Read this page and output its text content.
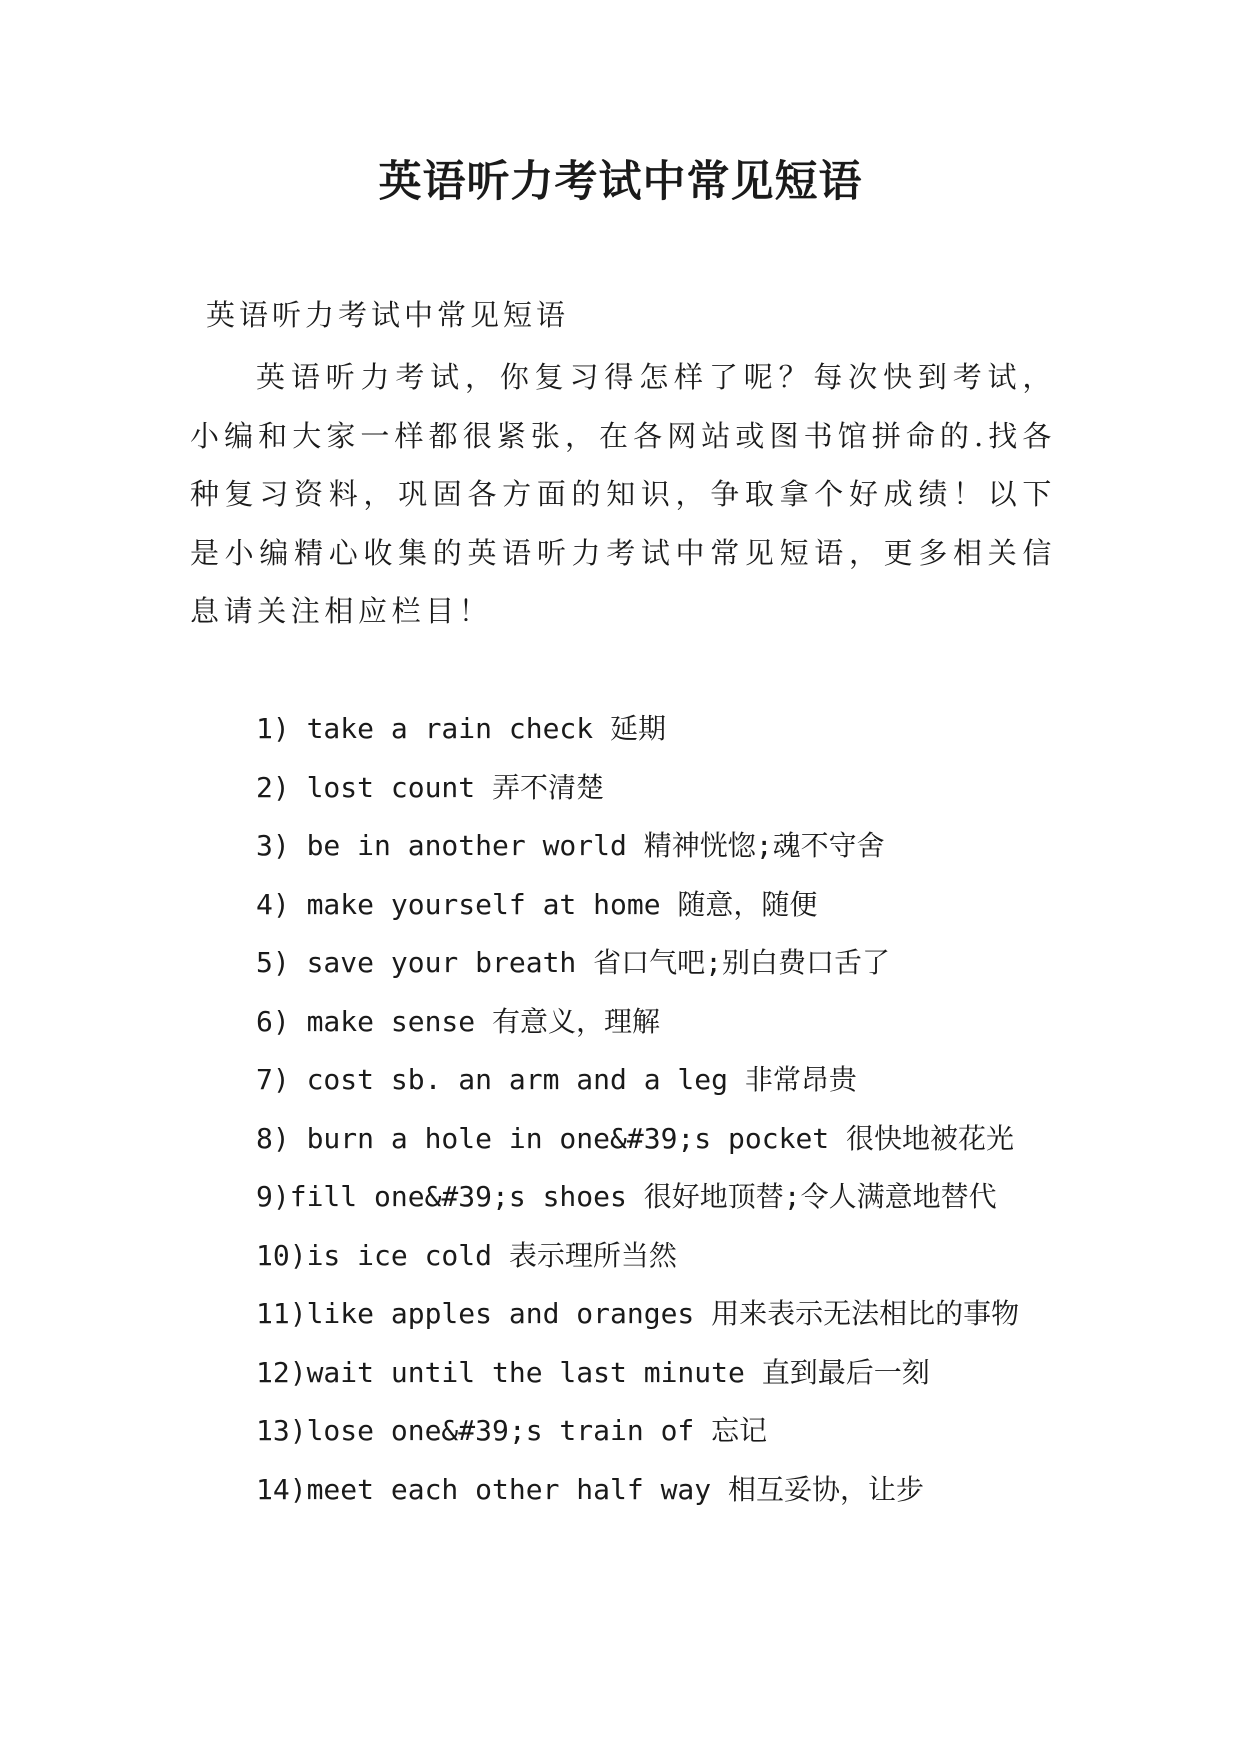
英语听力考试中常见短语

英语听力考试中常见短语

英语听力考试，你复习得怎样了呢？每次快到考试，小编和大家一样都很紧张，在各网站或图书馆拼命的.找各种复习资料，巩固各方面的知识，争取拿个好成绩！以下是小编精心收集的英语听力考试中常见短语，更多相关信息请关注相应栏目！

1) take a rain check 延期
2) lost count 弄不清楚
3) be in another world 精神恍惚;魂不守舍
4) make yourself at home 随意，随便
5) save your breath 省口气吧;别白费口舌了
6) make sense 有意义，理解
7) cost sb. an arm and a leg 非常昂贵
8) burn a hole in one&#39;s pocket 很快地被花光
9)fill one&#39;s shoes 很好地顶替;令人满意地替代
10)is ice cold 表示理所当然
11)like apples and oranges 用来表示无法相比的事物
12)wait until the last minute 直到最后一刻
13)lose one&#39;s train of 忘记
14)meet each other half way 相互妥协，让步
